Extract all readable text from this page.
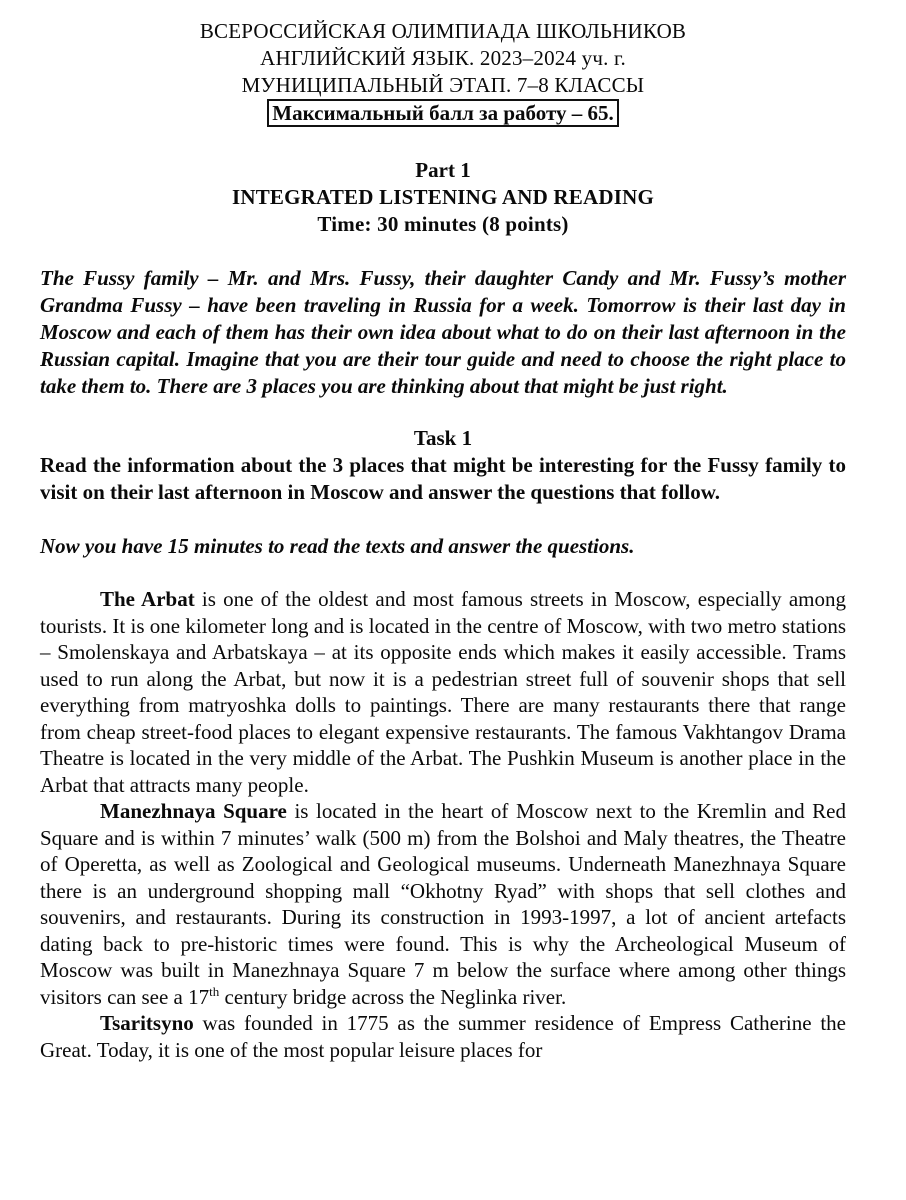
ВСЕРОССИЙСКАЯ ОЛИМПИАДА ШКОЛЬНИКОВ
АНГЛИЙСКИЙ ЯЗЫК. 2023–2024 уч. г.
МУНИЦИПАЛЬНЫЙ ЭТАП. 7–8 КЛАССЫ
Максимальный балл за работу – 65.
Part 1
INTEGRATED LISTENING AND READING
Time: 30 minutes (8 points)
The Fussy family – Mr. and Mrs. Fussy, their daughter Candy and Mr. Fussy’s mother Grandma Fussy – have been traveling in Russia for a week. Tomorrow is their last day in Moscow and each of them has their own idea about what to do on their last afternoon in the Russian capital. Imagine that you are their tour guide and need to choose the right place to take them to. There are 3 places you are thinking about that might be just right.
Task 1
Read the information about the 3 places that might be interesting for the Fussy family to visit on their last afternoon in Moscow and answer the questions that follow.
Now you have 15 minutes to read the texts and answer the questions.
The Arbat is one of the oldest and most famous streets in Moscow, especially among tourists. It is one kilometer long and is located in the centre of Moscow, with two metro stations – Smolenskaya and Arbatskaya – at its opposite ends which makes it easily accessible. Trams used to run along the Arbat, but now it is a pedestrian street full of souvenir shops that sell everything from matryoshka dolls to paintings. There are many restaurants there that range from cheap street-food places to elegant expensive restaurants. The famous Vakhtangov Drama Theatre is located in the very middle of the Arbat. The Pushkin Museum is another place in the Arbat that attracts many people.
Manezhnaya Square is located in the heart of Moscow next to the Kremlin and Red Square and is within 7 minutes’ walk (500 m) from the Bolshoi and Maly theatres, the Theatre of Operetta, as well as Zoological and Geological museums. Underneath Manezhnaya Square there is an underground shopping mall “Okhotny Ryad” with shops that sell clothes and souvenirs, and restaurants. During its construction in 1993-1997, a lot of ancient artefacts dating back to pre-historic times were found. This is why the Archeological Museum of Moscow was built in Manezhnaya Square 7 m below the surface where among other things visitors can see a 17th century bridge across the Neglinka river.
Tsaritsyno was founded in 1775 as the summer residence of Empress Catherine the Great. Today, it is one of the most popular leisure places for
